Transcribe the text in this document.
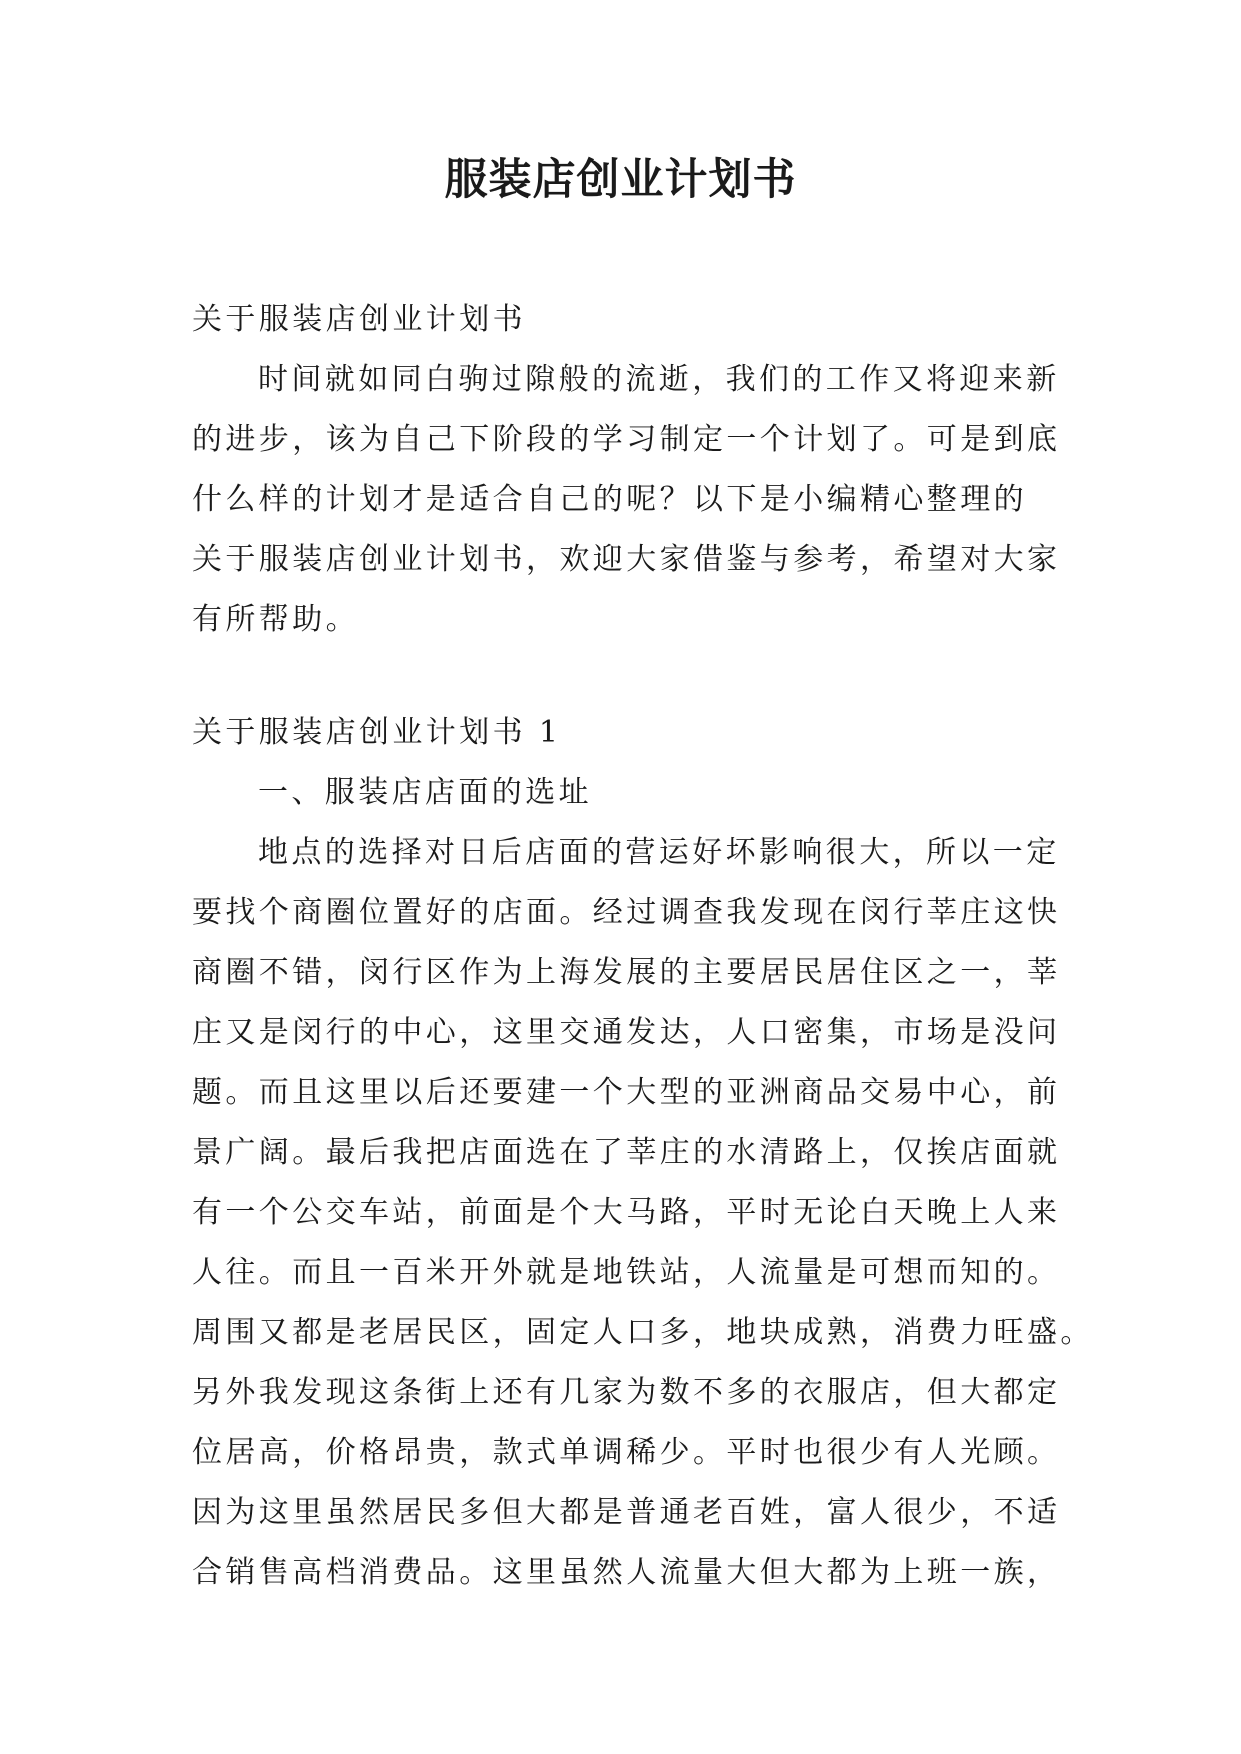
服装店创业计划书
关于服装店创业计划书
时间就如同白驹过隙般的流逝，我们的工作又将迎来新
的进步，该为自己下阶段的学习制定一个计划了。可是到底
什么样的计划才是适合自己的呢？以下是小编精心整理的
关于服装店创业计划书，欢迎大家借鉴与参考，希望对大家
有所帮助。
关于服装店创业计划书 1
一、服装店店面的选址
地点的选择对日后店面的营运好坏影响很大，所以一定
要找个商圈位置好的店面。经过调查我发现在闵行莘庄这快
商圈不错，闵行区作为上海发展的主要居民居住区之一，莘
庄又是闵行的中心，这里交通发达，人口密集，市场是没问
题。而且这里以后还要建一个大型的亚洲商品交易中心，前
景广阔。最后我把店面选在了莘庄的水清路上，仅挨店面就
有一个公交车站，前面是个大马路，平时无论白天晚上人来
人往。而且一百米开外就是地铁站，人流量是可想而知的。
周围又都是老居民区，固定人口多，地块成熟，消费力旺盛。
另外我发现这条街上还有几家为数不多的衣服店，但大都定
位居高，价格昂贵，款式单调稀少。平时也很少有人光顾。
因为这里虽然居民多但大都是普通老百姓，富人很少，不适
合销售高档消费品。这里虽然人流量大但大都为上班一族，
